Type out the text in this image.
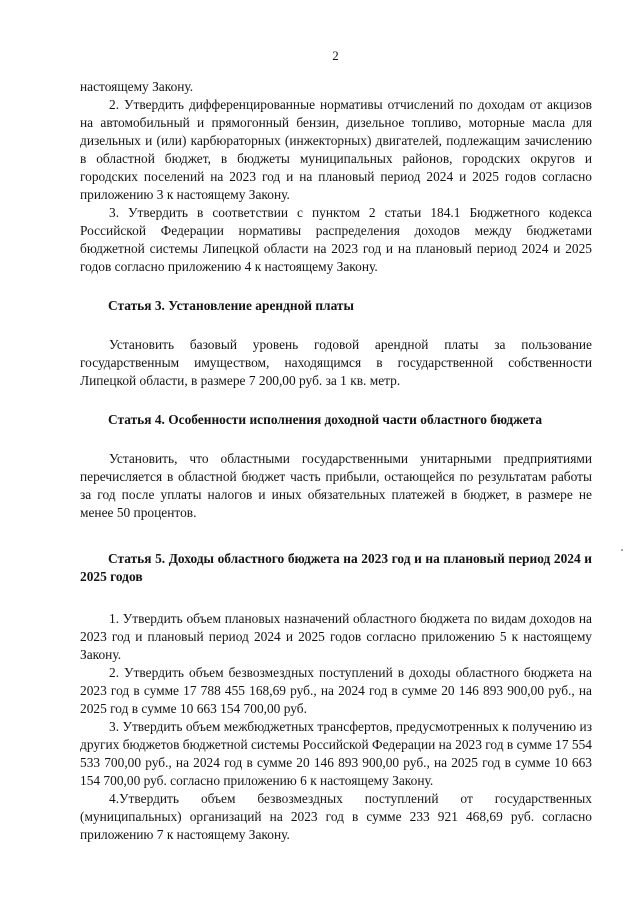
2

настоящему Закону.

2. Утвердить дифференцированные нормативы отчислений по доходам от акцизов на автомобильный и прямогонный бензин, дизельное топливо, моторные масла для дизельных и (или) карбюраторных (инжекторных) двигателей, подлежащим зачислению в областной бюджет, в бюджеты муниципальных районов, городских округов и городских поселений на 2023 год и на плановый период 2024 и 2025 годов согласно приложению 3 к настоящему Закону.

3. Утвердить в соответствии с пунктом 2 статьи 184.1 Бюджетного кодекса Российской Федерации нормативы распределения доходов между бюджетами бюджетной системы Липецкой области на 2023 год и на плановый период 2024 и 2025 годов согласно приложению 4 к настоящему Закону.

Статья 3. Установление арендной платы

Установить базовый уровень годовой арендной платы за пользование государственным имуществом, находящимся в государственной собственности Липецкой области, в размере 7 200,00 руб. за 1 кв. метр.

Статья 4. Особенности исполнения доходной части областного бюджета

Установить, что областными государственными унитарными предприятиями перечисляется в областной бюджет часть прибыли, остающейся по результатам работы за год после уплаты налогов и иных обязательных платежей в бюджет, в размере не менее 50 процентов.

Статья 5. Доходы областного бюджета на 2023 год и на плановый период 2024 и 2025 годов

1. Утвердить объем плановых назначений областного бюджета по видам доходов на 2023 год и плановый период 2024 и 2025 годов согласно приложению 5 к настоящему Закону.

2. Утвердить объем безвозмездных поступлений в доходы областного бюджета на 2023 год в сумме 17 788 455 168,69 руб., на 2024 год в сумме 20 146 893 900,00 руб., на 2025 год в сумме 10 663 154 700,00 руб.

3. Утвердить объем межбюджетных трансфертов, предусмотренных к получению из других бюджетов бюджетной системы Российской Федерации на 2023 год в сумме 17 554 533 700,00 руб., на 2024 год в сумме 20 146 893 900,00 руб., на 2025 год в сумме 10 663 154 700,00 руб. согласно приложению 6 к настоящему Закону.

4.Утвердить объем безвозмездных поступлений от государственных (муниципальных) организаций на 2023 год в сумме 233 921 468,69 руб. согласно приложению 7 к настоящему Закону.
